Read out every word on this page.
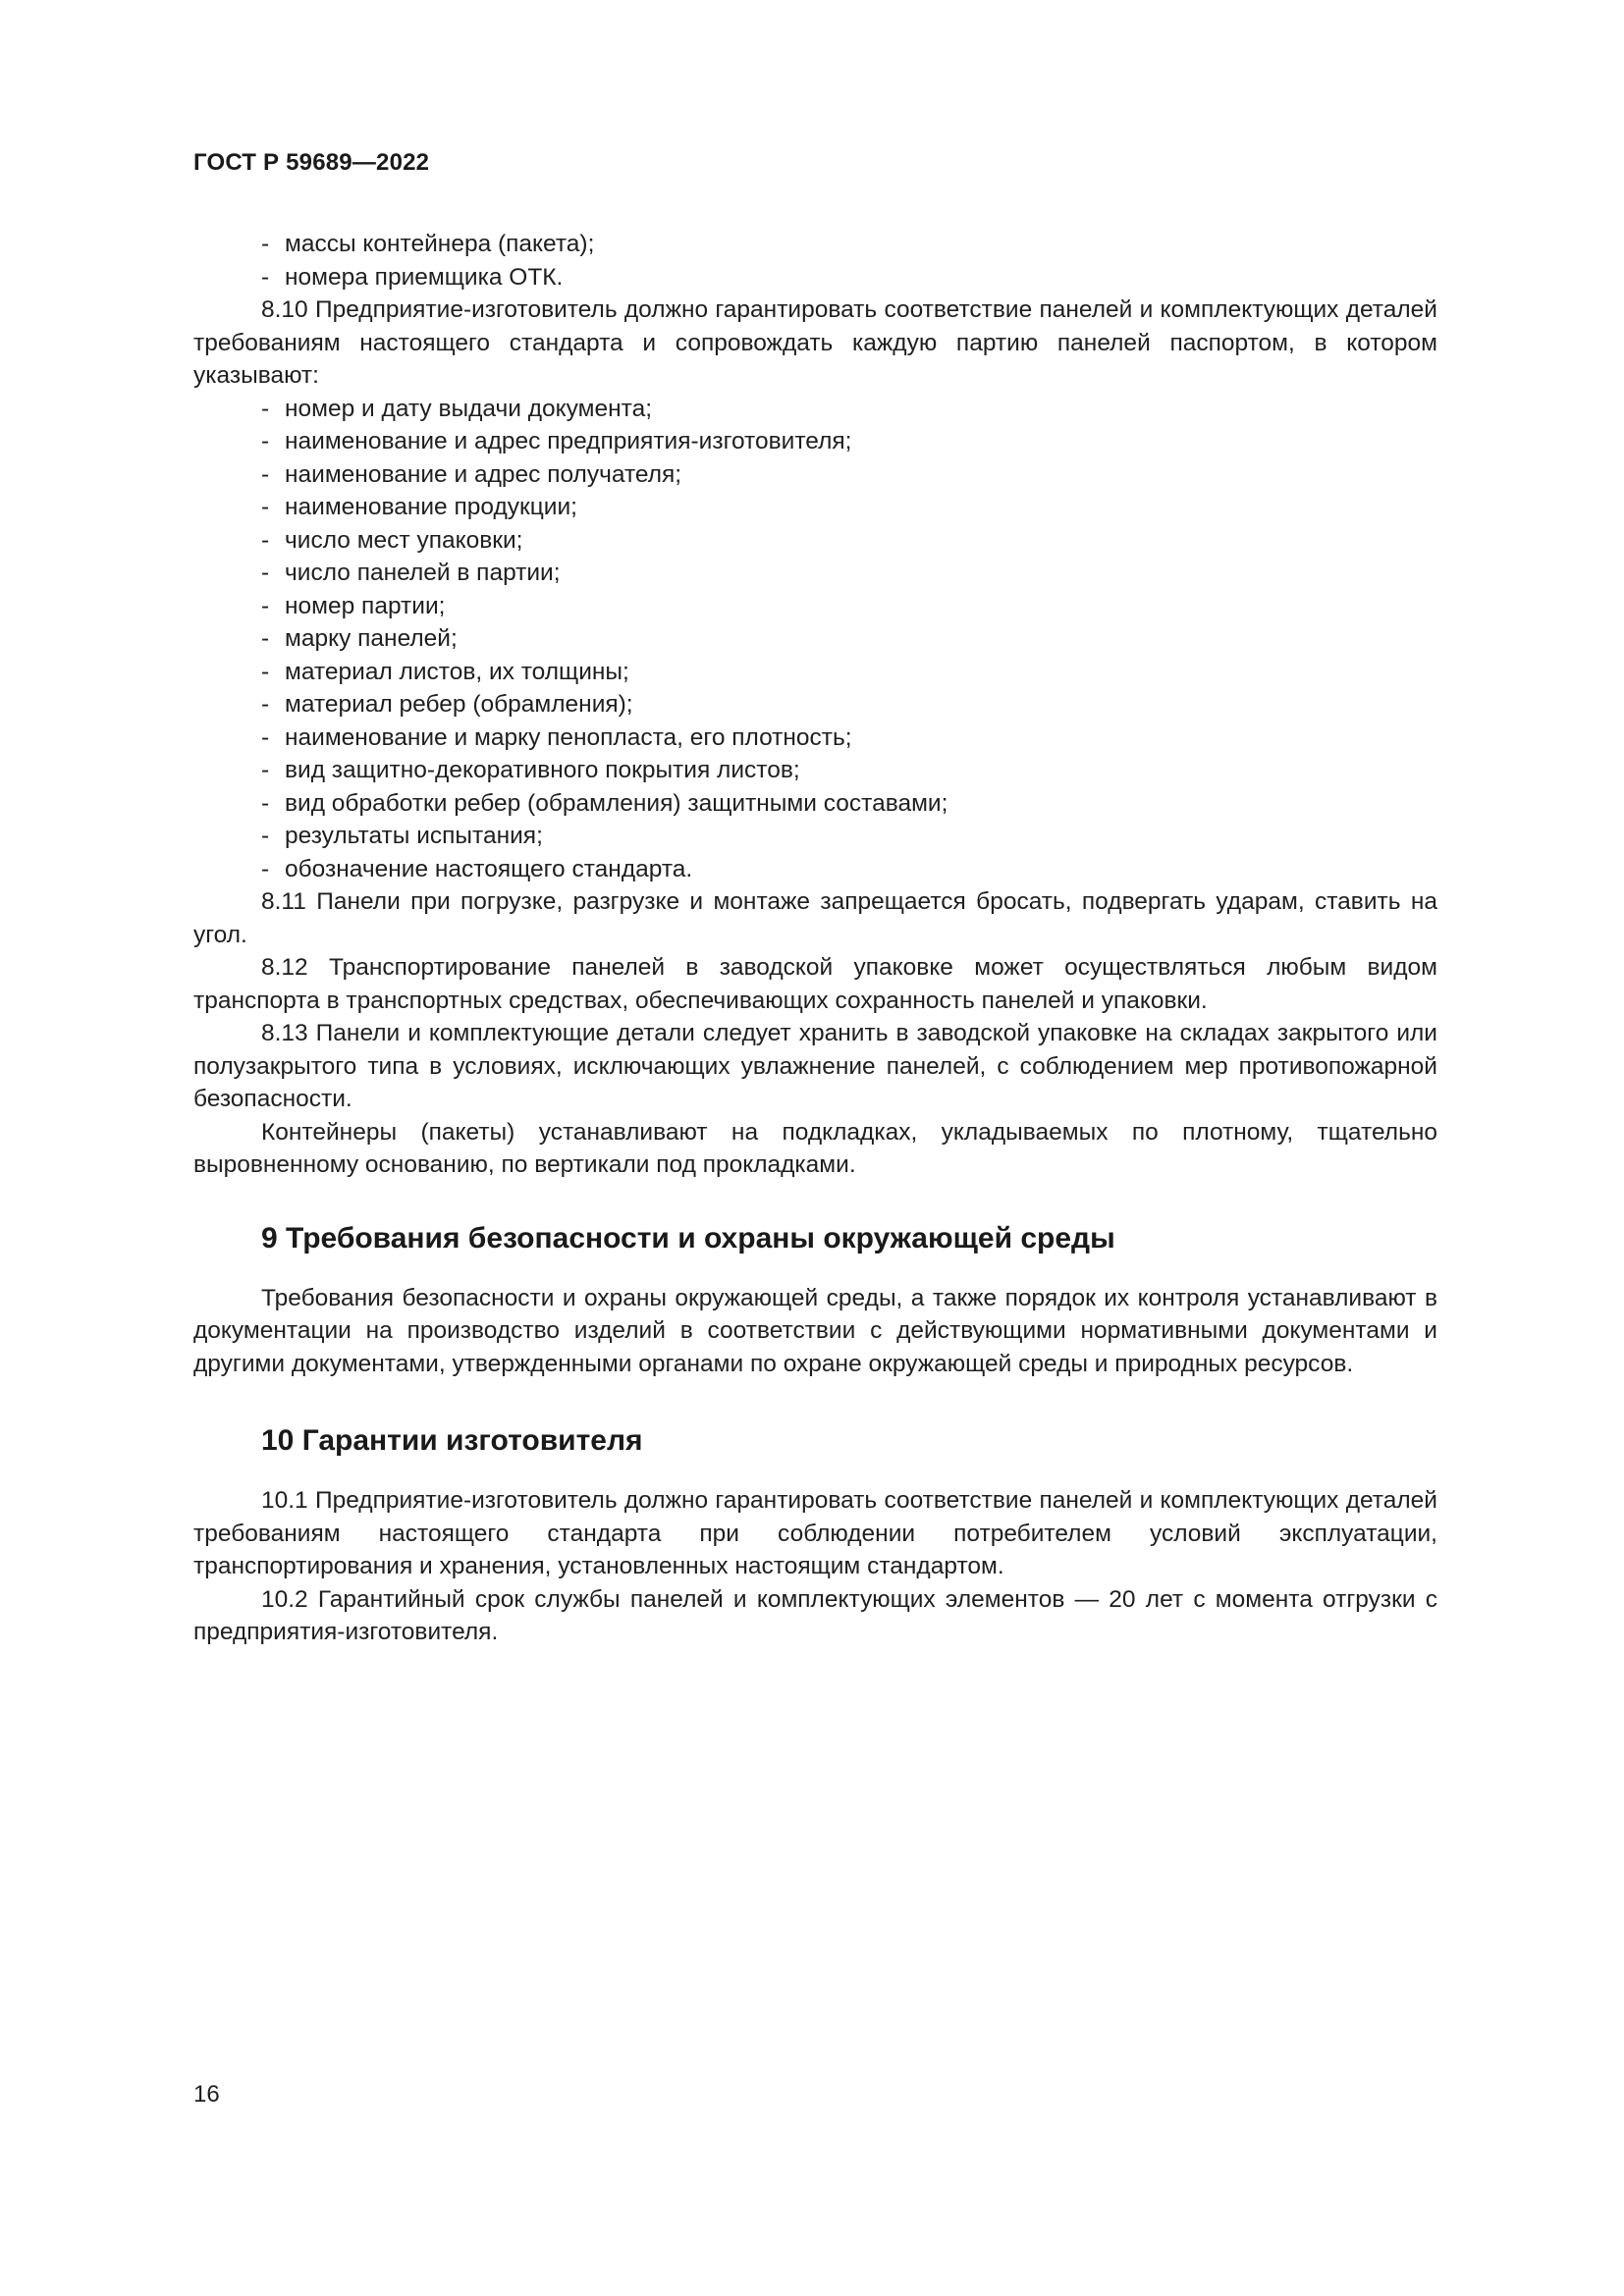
ГОСТ Р 59689—2022
- массы контейнера (пакета);
- номера приемщика ОТК.

8.10 Предприятие-изготовитель должно гарантировать соответствие панелей и комплектующих деталей требованиям настоящего стандарта и сопровождать каждую партию панелей паспортом, в котором указывают:

- номер и дату выдачи документа;
- наименование и адрес предприятия-изготовителя;
- наименование и адрес получателя;
- наименование продукции;
- число мест упаковки;
- число панелей в партии;
- номер партии;
- марку панелей;
- материал листов, их толщины;
- материал ребер (обрамления);
- наименование и марку пенопласта, его плотность;
- вид защитно-декоративного покрытия листов;
- вид обработки ребер (обрамления) защитными составами;
- результаты испытания;
- обозначение настоящего стандарта.

8.11 Панели при погрузке, разгрузке и монтаже запрещается бросать, подвергать ударам, ставить на угол.

8.12 Транспортирование панелей в заводской упаковке может осуществляться любым видом транспорта в транспортных средствах, обеспечивающих сохранность панелей и упаковки.

8.13 Панели и комплектующие детали следует хранить в заводской упаковке на складах закрытого или полузакрытого типа в условиях, исключающих увлажнение панелей, с соблюдением мер противопожарной безопасности.

Контейнеры (пакеты) устанавливают на подкладках, укладываемых по плотному, тщательно выровненному основанию, по вертикали под прокладками.

9 Требования безопасности и охраны окружающей среды

Требования безопасности и охраны окружающей среды, а также порядок их контроля устанавливают в документации на производство изделий в соответствии с действующими нормативными документами и другими документами, утвержденными органами по охране окружающей среды и природных ресурсов.

10 Гарантии изготовителя

10.1 Предприятие-изготовитель должно гарантировать соответствие панелей и комплектующих деталей требованиям настоящего стандарта при соблюдении потребителем условий эксплуатации, транспортирования и хранения, установленных настоящим стандартом.

10.2 Гарантийный срок службы панелей и комплектующих элементов — 20 лет с момента отгрузки с предприятия-изготовителя.

16
